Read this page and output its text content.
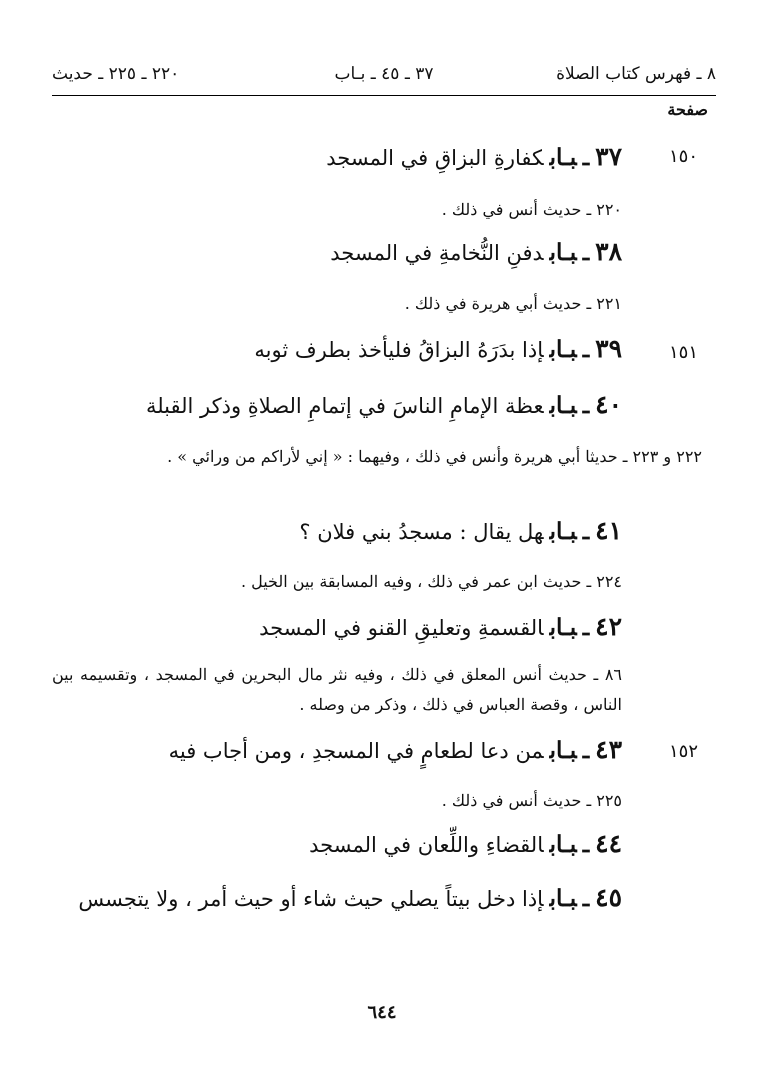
٨ ـ فهرس كتاب الصلاة
٣٧ ـ ٤٥ ـ بـاب
٢٢٠ ـ ٢٢٥ ـ حديث
صفحة
١٥٠
١٥١
١٥٢
٣٧ـبـابكفارةِ البزاقِ في المسجد
٢٢٠ ـ حديث أنس في ذلك .
٣٨ـبـابدفنِ النُّخامةِ في المسجد
٢٢١ ـ حديث أبي هريرة في ذلك .
٣٩ـبـابإذا بدَرَهُ البزاقُ فليأخذ بطرف ثوبه
٤٠ـبـابعظة الإمامِ الناسَ في إتمامِ الصلاةِ وذكر القبلة
٢٢٢ و ٢٢٣ ـ حديثا أبي هريرة وأنس في ذلك ، وفيهما : « إني لأراكم من ورائي » .
٤١ـبـابهل يقال : مسجدُ بني فلان ؟
٢٢٤ ـ حديث ابن عمر في ذلك ، وفيه المسابقة بين الخيل .
٤٢ـبـابالقسمةِ وتعليقِ القنو في المسجد
٨٦ ـ حديث أنس المعلق في ذلك ، وفيه نثر مال البحرين في المسجد ، وتقسيمه بين الناس ، وقصة العباس في ذلك ، وذكر من وصله .
٤٣ـبـابمن دعا لطعامٍ في المسجدِ ، ومن أجاب فيه
٢٢٥ ـ حديث أنس في ذلك .
٤٤ـبـابالقضاءِ واللِّعان في المسجد
٤٥ـبـابإذا دخل بيتاً يصلي حيث شاء أو حيث أمر ، ولا يتجسس
٦٤٤
